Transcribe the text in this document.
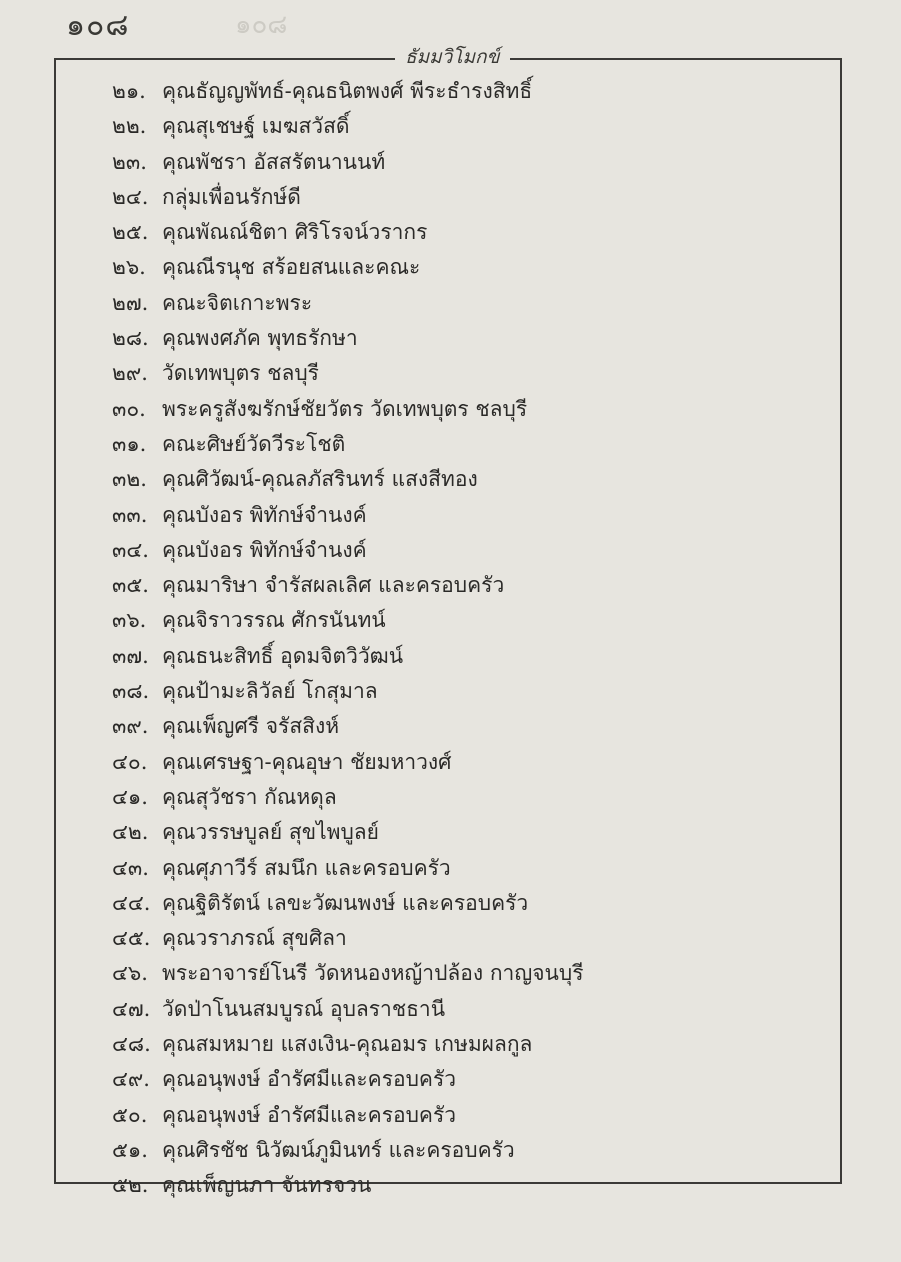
๑๐๘	๑๐๘
ธัมมวิโมกข์
๒๑. คุณธัญญพัทธ์-คุณธนิตพงศ์ พีระธำรงสิทธิ์
๒๒. คุณสุเชษฐ์ เมฆสวัสดิ์
๒๓. คุณพัชรา อัสสรัตนานนท์
๒๔. กลุ่มเพื่อนรักษ์ดี
๒๕. คุณพัณณ์ชิตา ศิริโรจน์วรากร
๒๖. คุณณีรนุช สร้อยสนและคณะ
๒๗. คณะจิตเกาะพระ
๒๘. คุณพงศภัค พุทธรักษา
๒๙. วัดเทพบุตร ชลบุรี
๓๐. พระครูสังฆรักษ์ชัยวัตร วัดเทพบุตร ชลบุรี
๓๑. คณะศิษย์วัดวีระโชติ
๓๒. คุณศิวัฒน์-คุณลภัสรินทร์ แสงสีทอง
๓๓. คุณบังอร พิทักษ์จำนงค์
๓๔. คุณบังอร พิทักษ์จำนงค์
๓๕. คุณมาริษา จำรัสผลเลิศ และครอบครัว
๓๖. คุณจิราวรรณ ศักรนันทน์
๓๗. คุณธนะสิทธิ์ อุดมจิตวิวัฒน์
๓๘. คุณป้ามะลิวัลย์ โกสุมาล
๓๙. คุณเพ็ญศรี จรัสสิงห์
๔๐. คุณเศรษฐา-คุณอุษา ชัยมหาวงศ์
๔๑. คุณสุวัชรา กัณหดุล
๔๒. คุณวรรษบูลย์ สุขไพบูลย์
๔๓. คุณศุภาวีร์ สมนึก และครอบครัว
๔๔. คุณฐิติรัตน์ เลขะวัฒนพงษ์ และครอบครัว
๔๕. คุณวราภรณ์ สุขศิลา
๔๖. พระอาจารย์โนรี วัดหนองหญ้าปล้อง กาญจนบุรี
๔๗. วัดป่าโนนสมบูรณ์ อุบลราชธานี
๔๘. คุณสมหมาย แสงเงิน-คุณอมร เกษมผลกูล
๔๙. คุณอนุพงษ์ อำรัศมีและครอบครัว
๕๐. คุณอนุพงษ์ อำรัศมีและครอบครัว
๕๑. คุณศิรชัช นิวัฒน์ภูมินทร์ และครอบครัว
๕๒. คุณเพ็ญนภา จันทรจวน
